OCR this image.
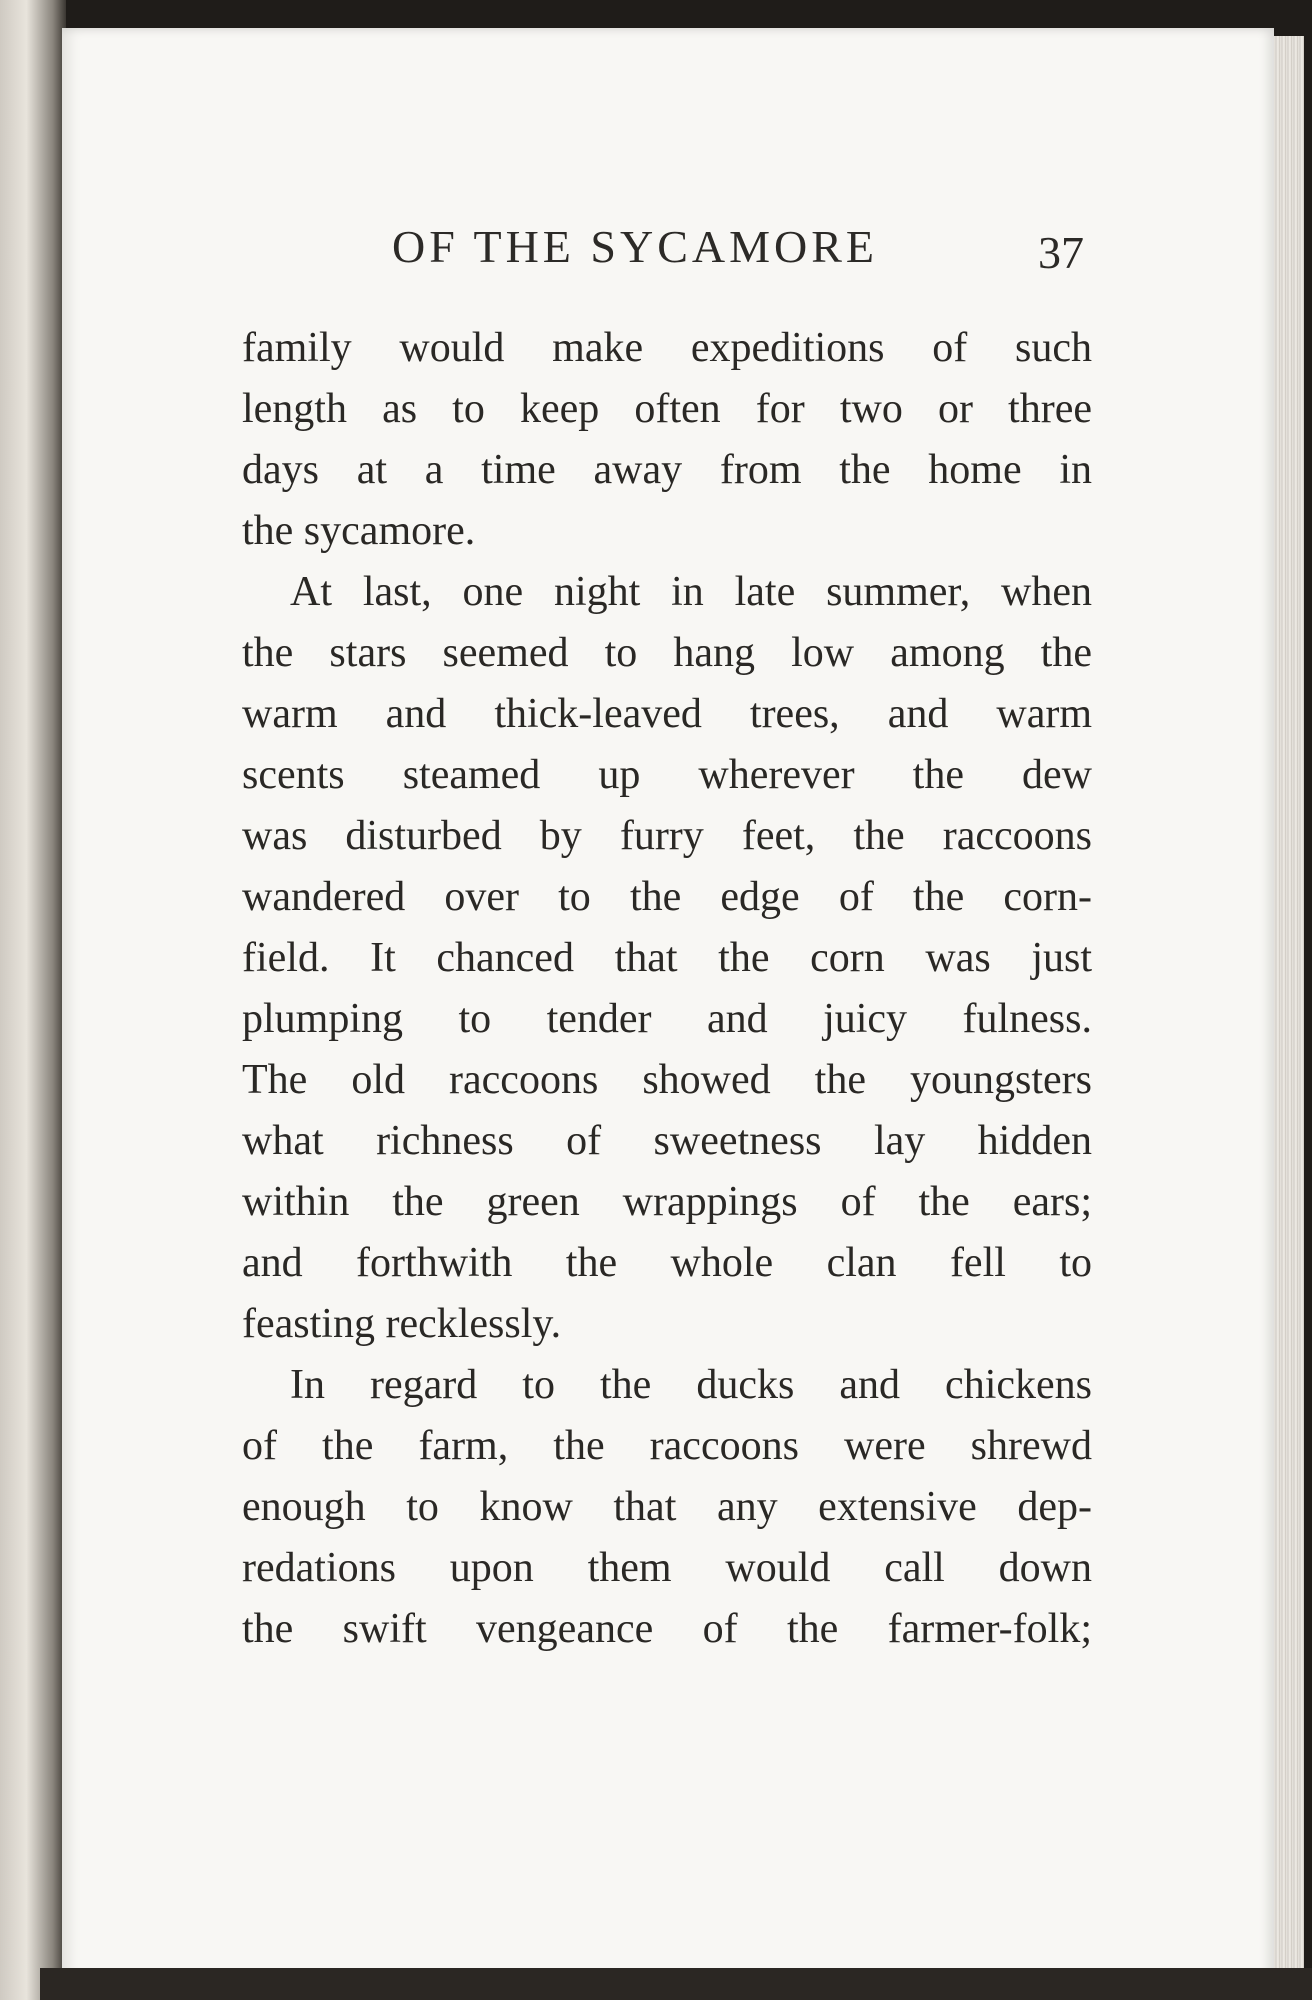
OF THE SYCAMORE	37
family would make expeditions of such
length as to keep often for two or three
days at a time away from the home in
the sycamore.
At last, one night in late summer, when
the stars seemed to hang low among the
warm and thick-leaved trees, and warm
scents steamed up wherever the dew
was disturbed by furry feet, the raccoons
wandered over to the edge of the corn-
field. It chanced that the corn was just
plumping to tender and juicy fulness.
The old raccoons showed the youngsters
what richness of sweetness lay hidden
within the green wrappings of the ears;
and forthwith the whole clan fell to
feasting recklessly.
In regard to the ducks and chickens
of the farm, the raccoons were shrewd
enough to know that any extensive dep-
redations upon them would call down
the swift vengeance of the farmer-folk;
